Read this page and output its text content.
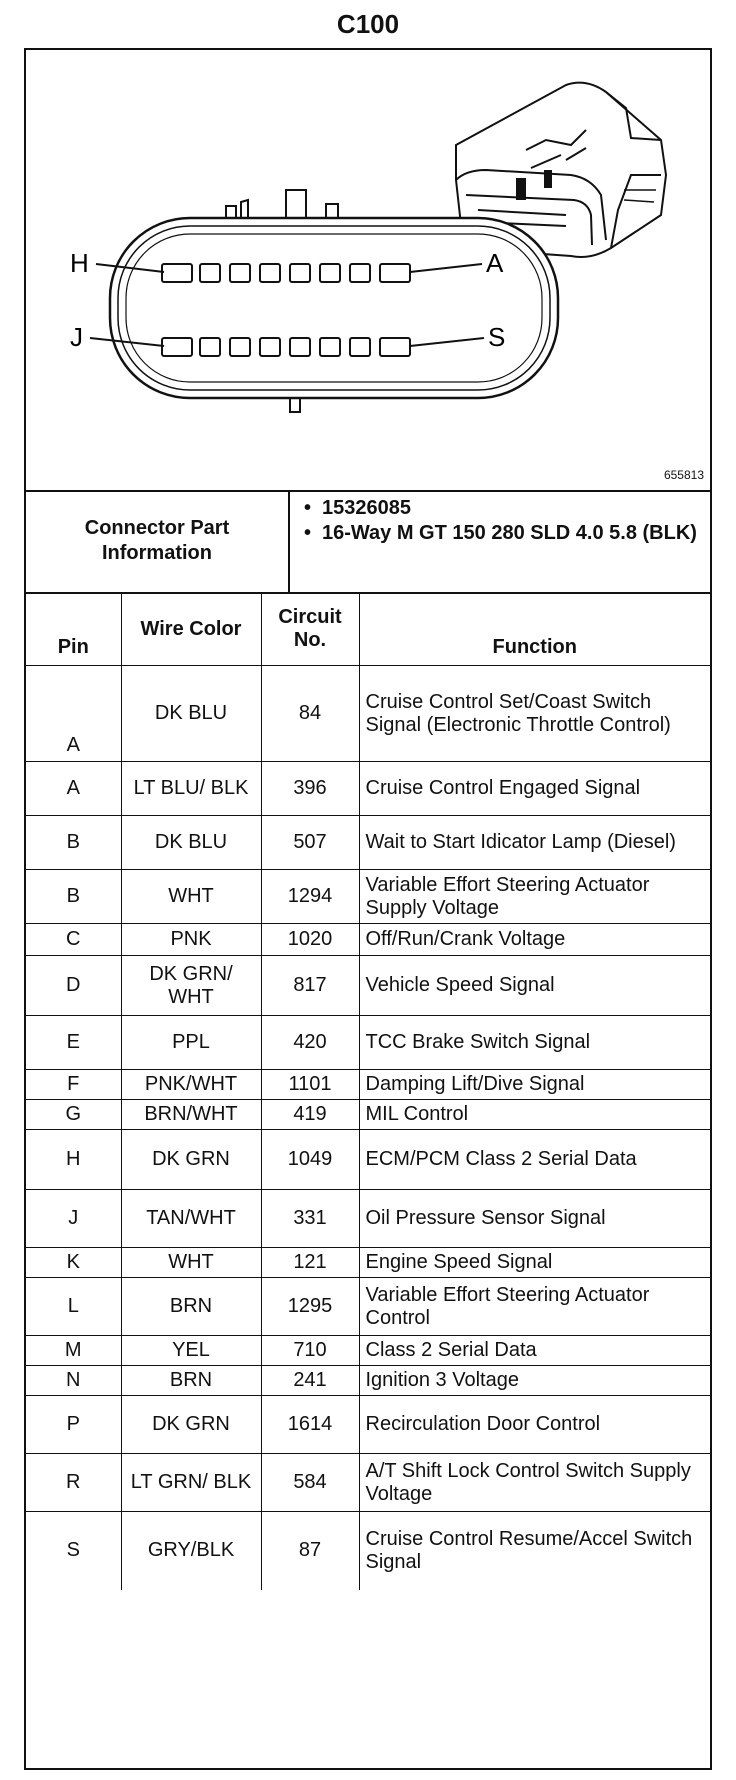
C100
H	A
J	S
655813
Connector Part Information
• 15326085
• 16-Way M GT 150 280 SLD 4.0 5.8 (BLK)
Pin	Wire Color	Circuit No.	Function
A	DK BLU	84	Cruise Control Set/Coast Switch Signal (Electronic Throttle Control)
A	LT BLU/ BLK	396	Cruise Control Engaged Signal
B	DK BLU	507	Wait to Start Idicator Lamp (Diesel)
B	WHT	1294	Variable Effort Steering Actuator Supply Voltage
C	PNK	1020	Off/Run/Crank Voltage
D	DK GRN/ WHT	817	Vehicle Speed Signal
E	PPL	420	TCC Brake Switch Signal
F	PNK/WHT	1101	Damping Lift/Dive Signal
G	BRN/WHT	419	MIL Control
H	DK GRN	1049	ECM/PCM Class 2 Serial Data
J	TAN/WHT	331	Oil Pressure Sensor Signal
K	WHT	121	Engine Speed Signal
L	BRN	1295	Variable Effort Steering Actuator Control
M	YEL	710	Class 2 Serial Data
N	BRN	241	Ignition 3 Voltage
P	DK GRN	1614	Recirculation Door Control
R	LT GRN/ BLK	584	A/T Shift Lock Control Switch Supply Voltage
S	GRY/BLK	87	Cruise Control Resume/Accel Switch Signal
